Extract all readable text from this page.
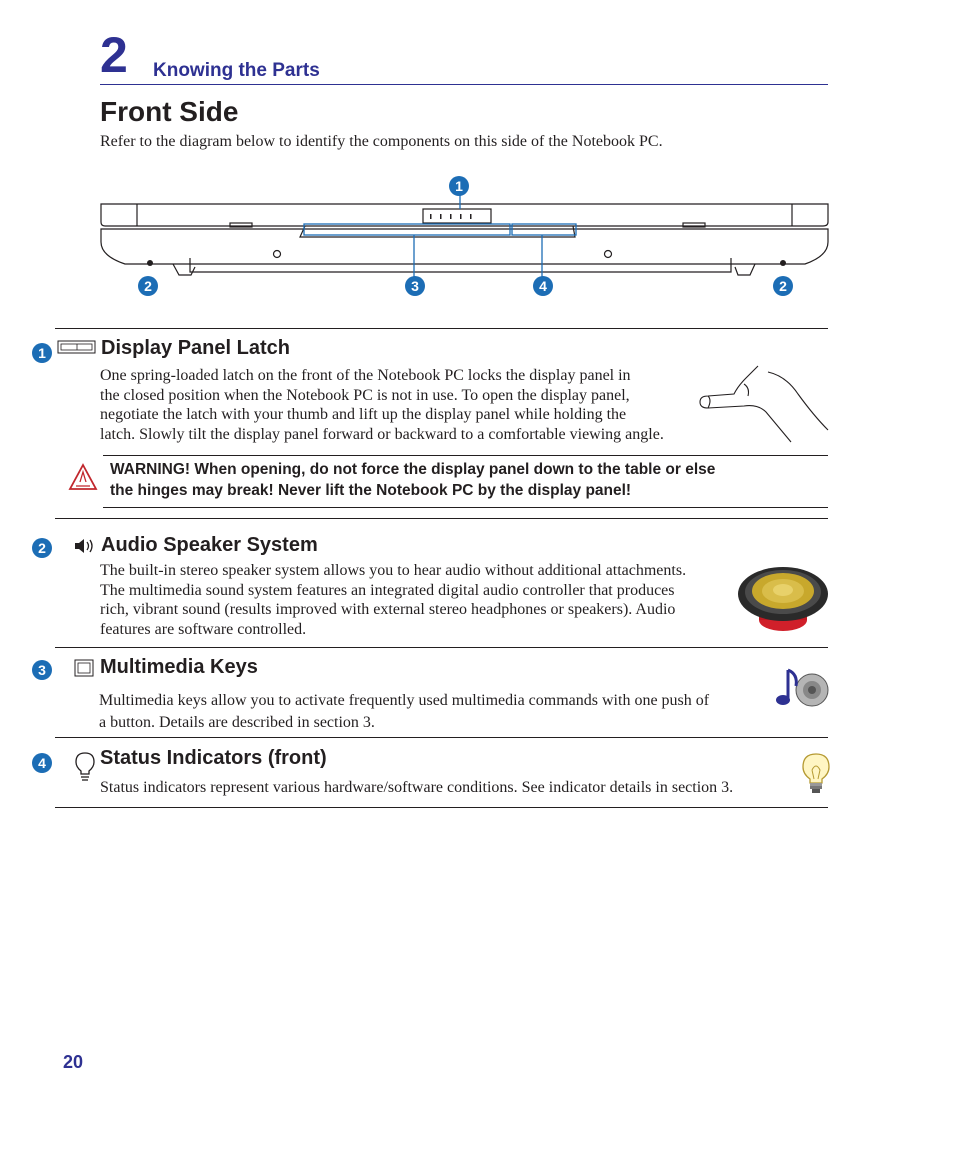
2 Knowing the Parts
Front Side
Refer to the diagram below to identify the components on this side of the Notebook PC.
1
2	3	4	2
1	Display Panel Latch
One spring-loaded latch on the front of the Notebook PC locks the display panel in
the closed position when the Notebook PC is not in use. To open the display panel,
negotiate the latch with your thumb and lift up the display panel while holding the
latch. Slowly tilt the display panel forward or backward to a comfortable viewing angle.
WARNING! When opening, do not force the display panel down to the table or else
the hinges may break! Never lift the Notebook PC by the display panel!
2	Audio Speaker System
The built-in stereo speaker system allows you to hear audio without additional attachments.
The multimedia sound system features an integrated digital audio controller that produces
rich, vibrant sound (results improved with external stereo headphones or speakers). Audio
features are software controlled.
3	Multimedia Keys
Multimedia keys allow you to activate frequently used multimedia commands with one push of
a button. Details are described in section 3.
4	Status Indicators (front)
Status indicators represent various hardware/software conditions. See indicator details in section 3.
20
